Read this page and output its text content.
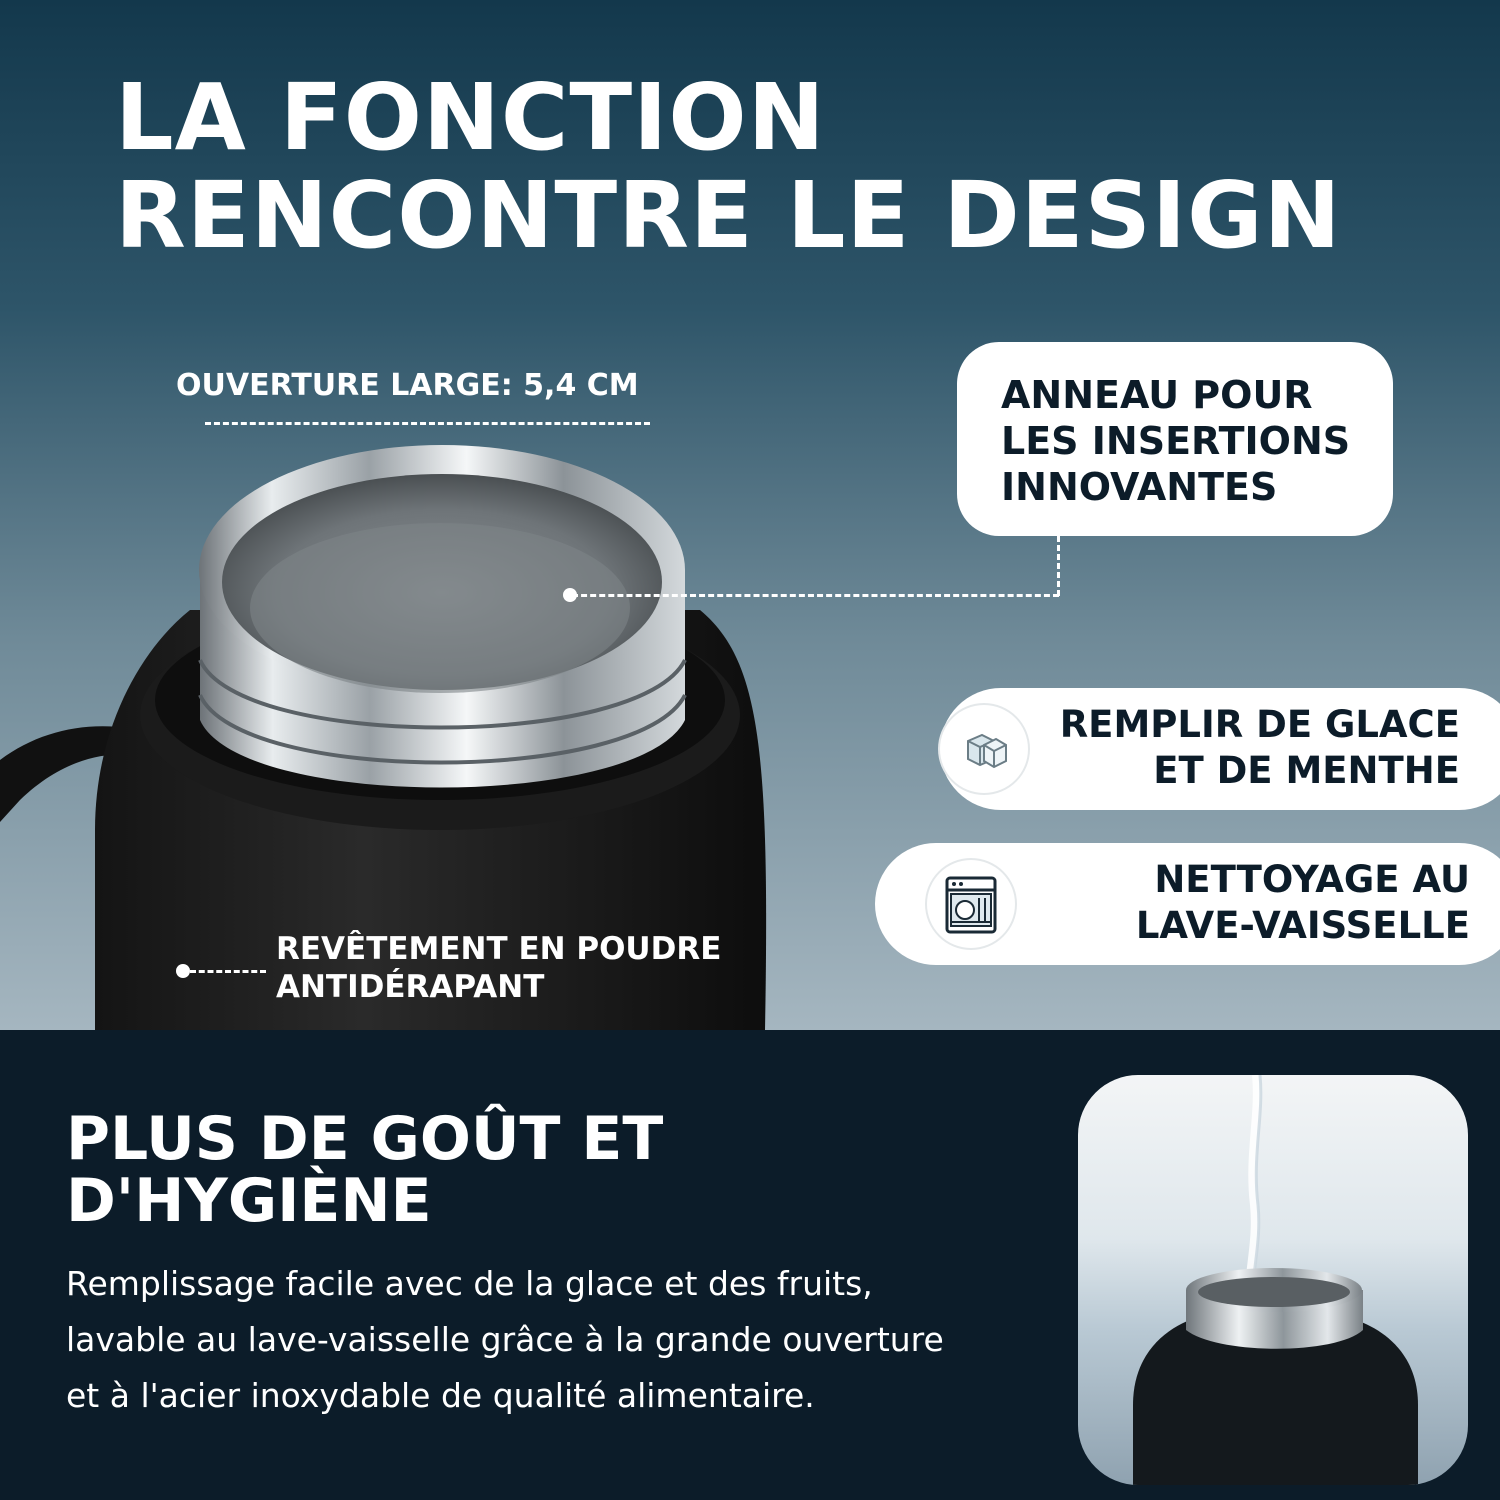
LA FONCTION
RENCONTRE LE DESIGN
OUVERTURE LARGE: 5,4 CM	ANNEAU POUR
LES INSERTIONS
INNOVANTES
REMPLIR DE GLACE
ET DE MENTHE
NETTOYAGE AU
LAVE-VAISSELLE
REVÊTEMENT EN POUDRE
ANTIDÉRAPANT
PLUS DE GOÛT ET
D'HYGIÈNE

Remplissage facile avec de la glace et des fruits,
lavable au lave-vaisselle grâce à la grande ouverture
et à l'acier inoxydable de qualité alimentaire.
